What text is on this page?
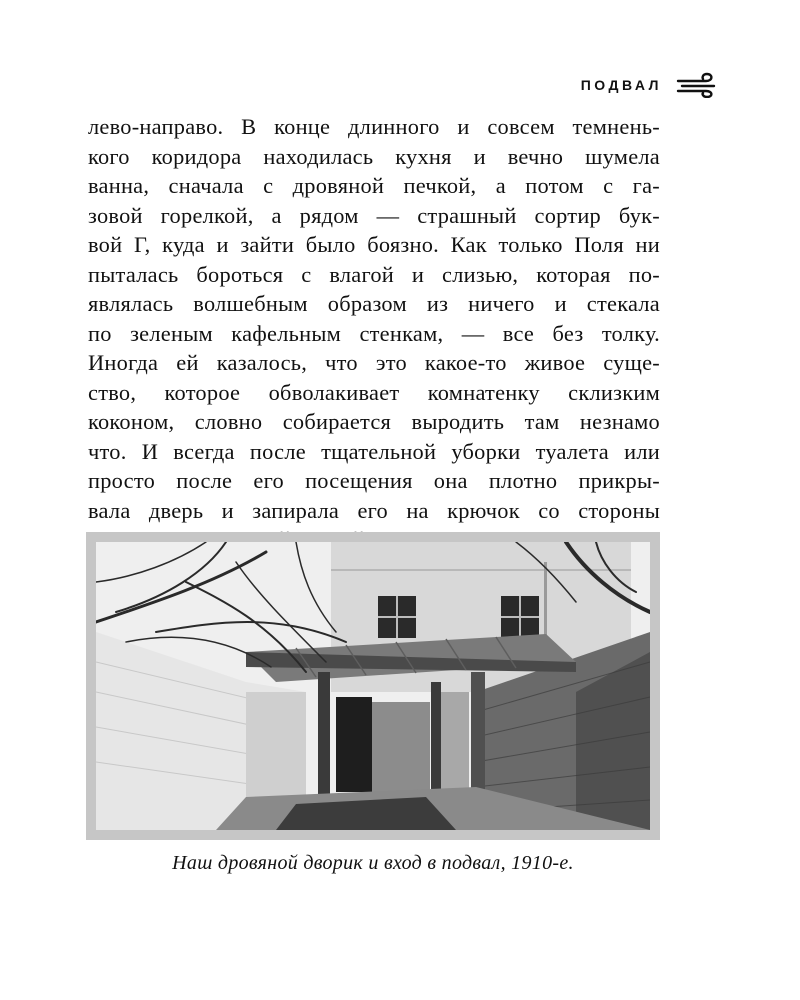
ПОДВАЛ
лево-направо. В конце длинного и совсем темнень-
кого коридора находилась кухня и вечно шумела
ванна, сначала с дровяной печкой, а потом с га-
зовой горелкой, а рядом — страшный сортир бук-
вой Г, куда и зайти было боязно. Как только Поля ни
пыталась бороться с влагой и слизью, которая по-
являлась волшебным образом из ничего и стекала
по зеленым кафельным стенкам, — все без толку.
Иногда ей казалось, что это какое-то живое суще-
ство, которое обволакивает комнатенку склизким
коконом, словно собирается выродить там незнамо
что. И всегда после тщательной уборки туалета или
просто после его посещения она плотно прикры-
вала дверь и запирала его на крючок со стороны
Наш дровяной дворик и вход в подвал, 1910-е.
